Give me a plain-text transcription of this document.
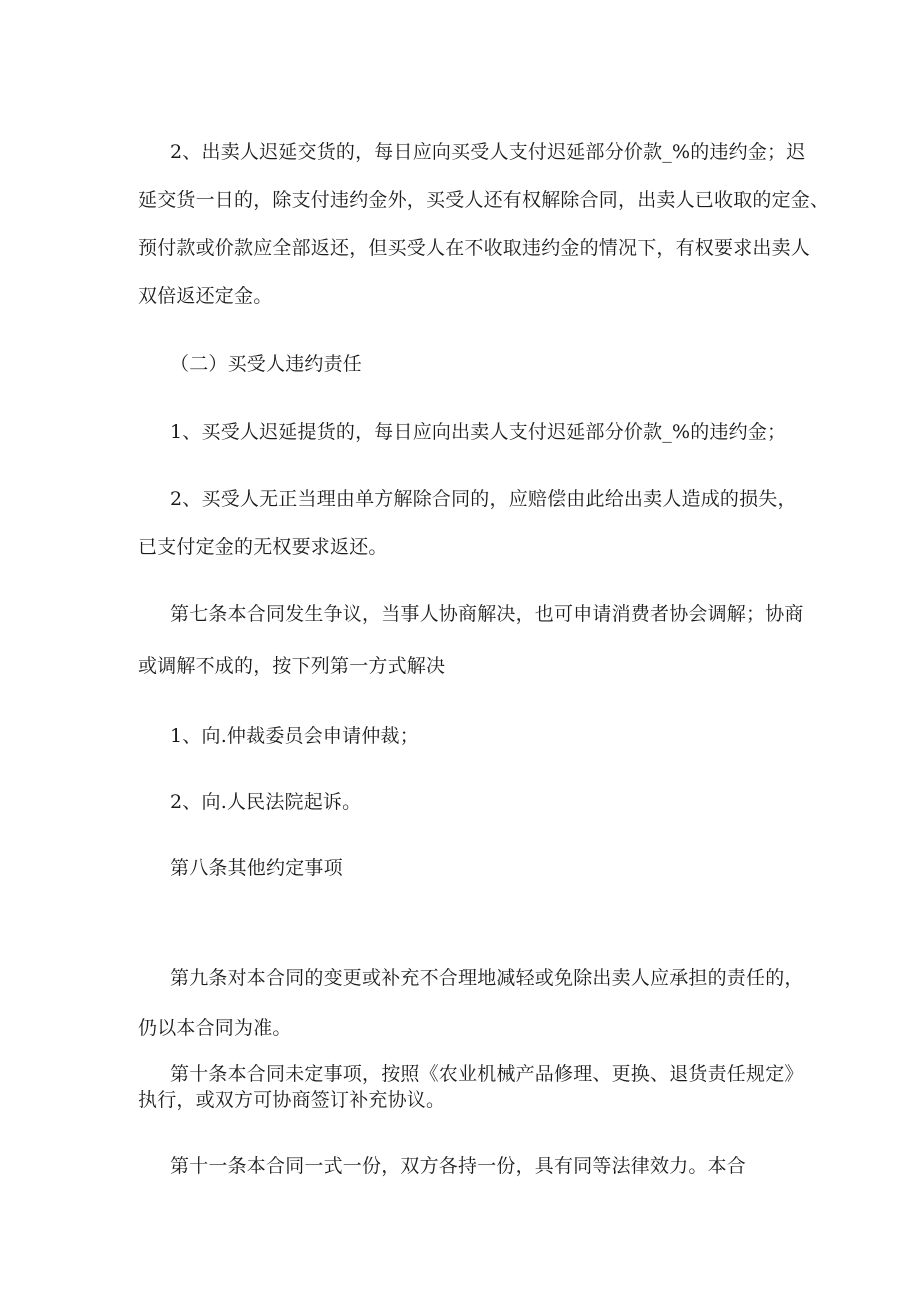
2、出卖人迟延交货的，每日应向买受人支付迟延部分价款_%的违约金；迟
延交货一日的，除支付违约金外，买受人还有权解除合同，出卖人已收取的定金、
预付款或价款应全部返还，但买受人在不收取违约金的情况下，有权要求出卖人
双倍返还定金。
（二）买受人违约责任
1、买受人迟延提货的，每日应向出卖人支付迟延部分价款_%的违约金；
2、买受人无正当理由单方解除合同的，应赔偿由此给出卖人造成的损失，
已支付定金的无权要求返还。
第七条本合同发生争议，当事人协商解决，也可申请消费者协会调解；协商
或调解不成的，按下列第一方式解决
1、向.仲裁委员会申请仲裁；
2、向.人民法院起诉。
第八条其他约定事项
第九条对本合同的变更或补充不合理地减轻或免除出卖人应承担的责任的，
仍以本合同为准。
第十条本合同未定事项，按照《农业机械产品修理、更换、退货责任规定》
执行，或双方可协商签订补充协议。
第十一条本合同一式一份，双方各持一份，具有同等法律效力。本合
